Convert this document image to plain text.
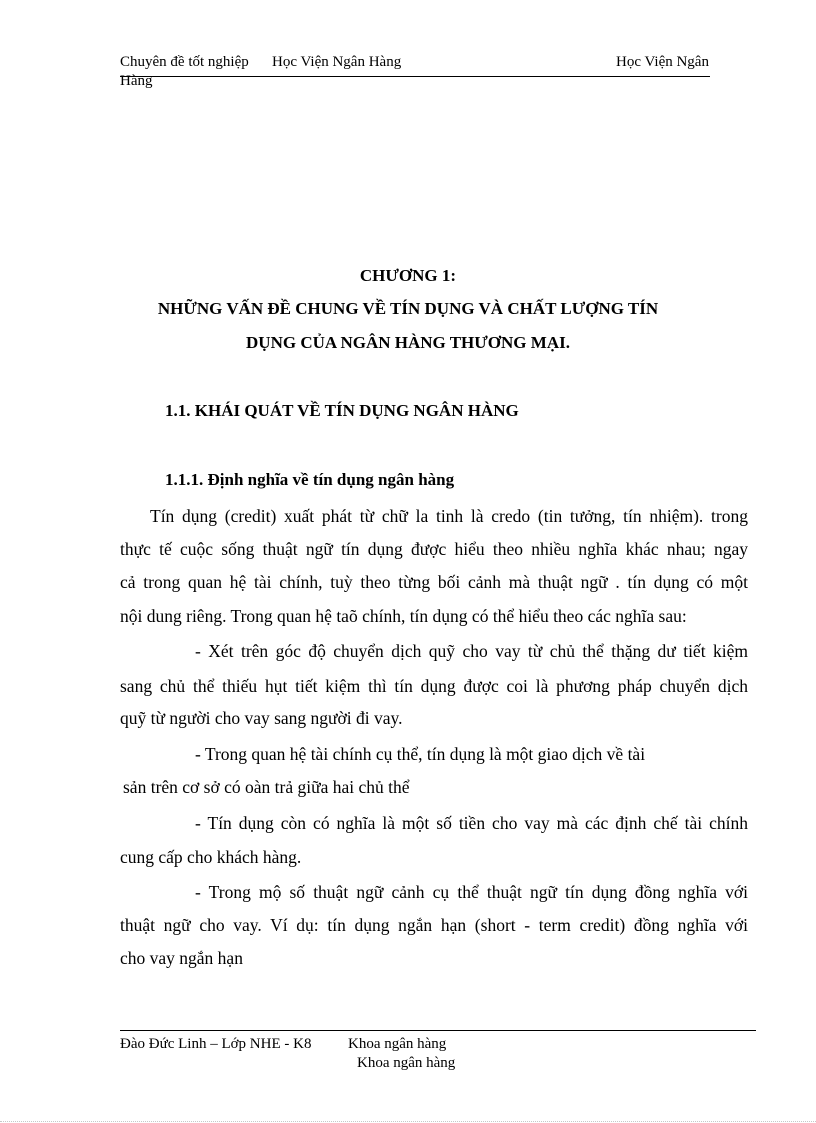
Chuyên đề tốt nghiệp Học Viện Ngân Hàng	Học Viện Ngân
Hàng
CHƯƠNG 1:
NHỮNG VẤN ĐỀ CHUNG VỀ TÍN DỤNG VÀ CHẤT LƯỢNG TÍN
DỤNG CỦA NGÂN HÀNG THƯƠNG MẠI.
1.1. KHÁI QUÁT VỀ TÍN DỤNG NGÂN HÀNG
1.1.1. Định nghĩa về tín dụng ngân hàng
Tín dụng (credit) xuất phát từ chữ la tinh là credo (tin tưởng, tín nhiệm). trong
thực tế cuộc sống thuật ngữ tín dụng được hiểu theo nhiều nghĩa khác nhau; ngay
cả trong quan hệ tài chính, tuỳ theo từng bối cảnh mà thuật ngữ . tín dụng có một
nội dung riêng. Trong quan hệ taõ chính, tín dụng có thể hiểu theo các nghĩa sau:
- Xét trên góc độ chuyển dịch quỹ cho vay từ chủ thể thặng dư tiết kiệm
sang chủ thể thiếu hụt tiết kiệm thì tín dụng được coi là phương pháp chuyển dịch
quỹ từ người cho vay sang người đi vay.
- Trong quan hệ tài chính cụ thể, tín dụng là một giao dịch về tài
sản trên cơ sở có oàn trả giữa hai chủ thể
- Tín dụng còn có nghĩa là một số tiền cho vay mà các định chế tài chính
cung cấp cho khách hàng.
- Trong mộ số thuật ngữ cảnh cụ thể thuật ngữ tín dụng đồng nghĩa với
thuật ngữ cho vay. Ví dụ: tín dụng ngắn hạn (short - term credit) đồng nghĩa với
cho vay ngắn hạn
Đào Đức Linh – Lớp NHE - K8 Khoa ngân hàng
Khoa ngân hàng
